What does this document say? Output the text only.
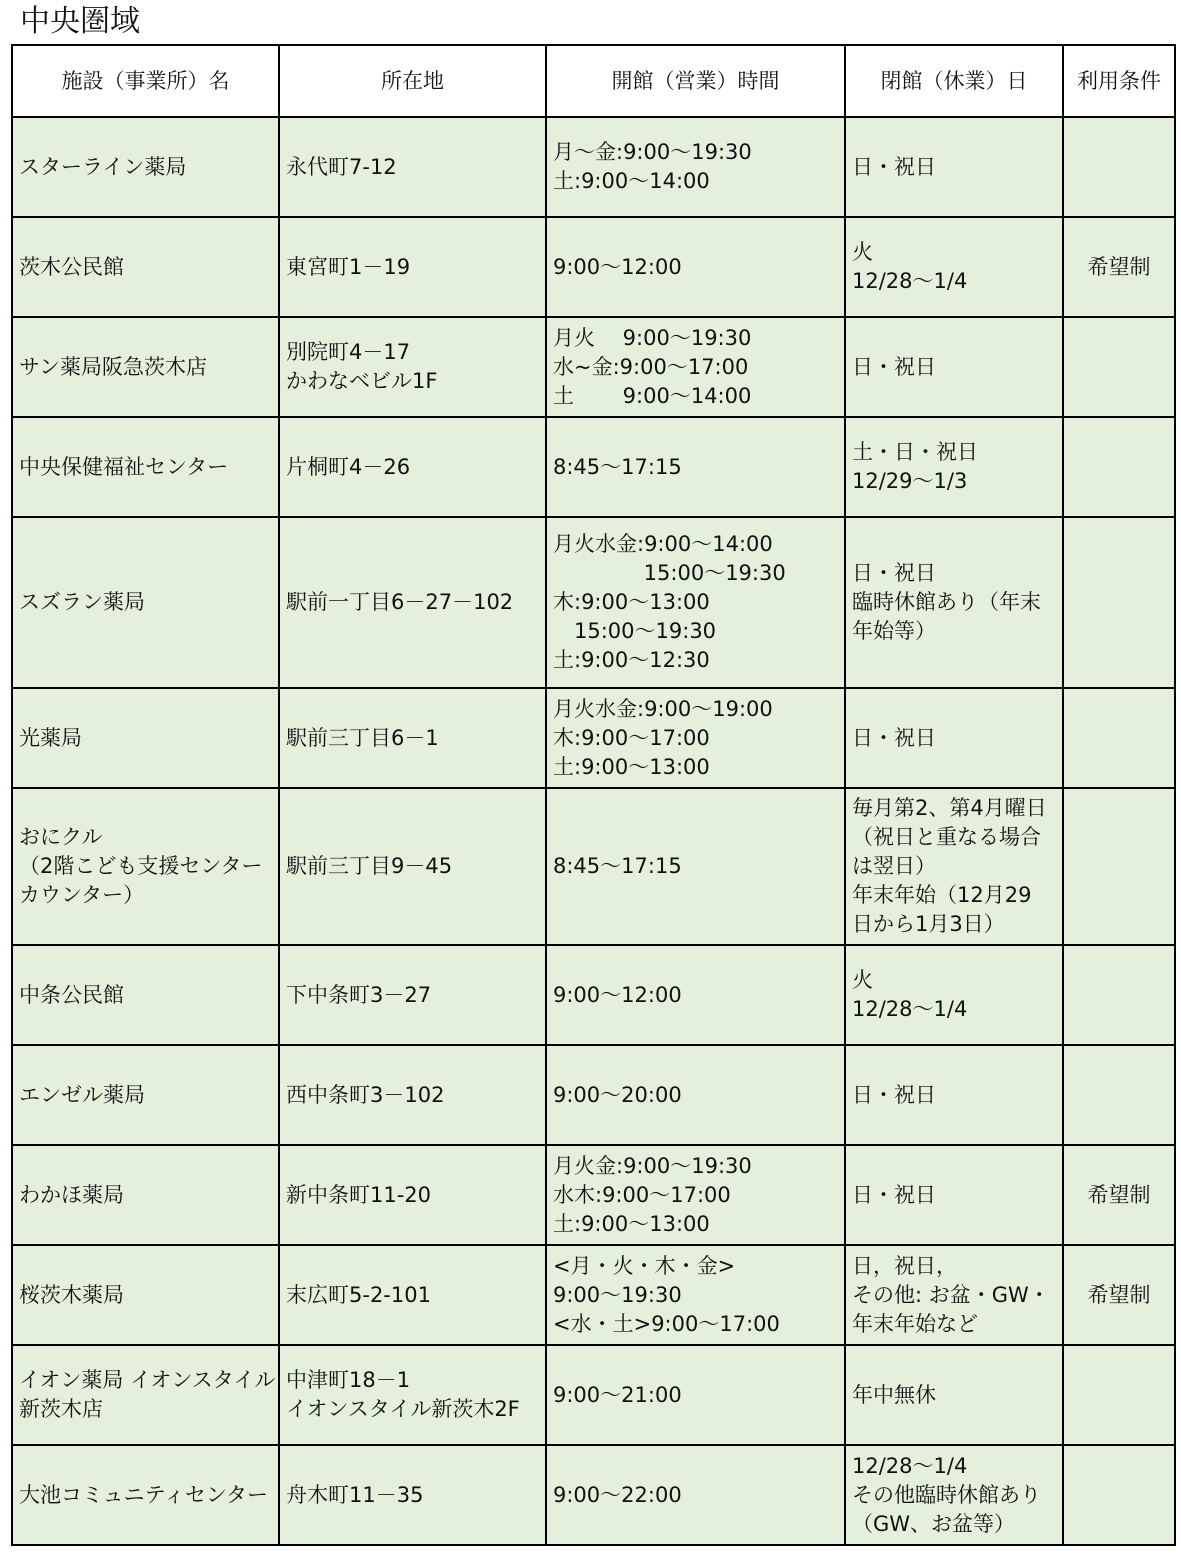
中央圏域
施設（事業所）名	所在地	開館（営業）時間	閉館（休業）日	利用条件

スターライン薬局	永代町7-12	月～金:9:00～19:30
土:9:00～14:00	日・祝日	

茨木公民館	東宮町1－19	9:00～12:00	火
12/28～1/4	希望制

サン薬局阪急茨木店	別院町4－17
かわなベビル1F	月火　 9:00～19:30
水~金:9:00～17:00
土　　 9:00～14:00	日・祝日	

中央保健福祉センター	片桐町4－26	8:45～17:15	土・日・祝日
12/29～1/3	

スズラン薬局	駅前一丁目6－27－102	月火水金:9:00～14:00
　　　　 15:00～19:30
木:9:00～13:00
　15:00～19:30
土:9:00～12:30	日・祝日
臨時休館あり（年末
年始等）	

光薬局	駅前三丁目6－1	月火水金:9:00～19:00
木:9:00～17:00
土:9:00～13:00	日・祝日	

おにクル
（2階こども支援センター
カウンター）	駅前三丁目9－45	8:45～17:15	毎月第2、第4月曜日
（祝日と重なる場合
は翌日）
年末年始（12月29
日から1月3日）	

中条公民館	下中条町3－27	9:00～12:00	火
12/28～1/4	

エンゼル薬局	西中条町3－102	9:00～20:00	日・祝日	

わかほ薬局	新中条町11-20	月火金:9:00～19:30
水木:9:00～17:00
土:9:00～13:00	日・祝日	希望制

桜茨木薬局	末広町5-2-101	<月・火・木・金>
9:00～19:30
<水・土>9:00～17:00	日，祝日，
その他: お盆・GW・
年末年始など	希望制

イオン薬局 イオンスタイル
新茨木店	中津町18－1
イオンスタイル新茨木2F	9:00～21:00	年中無休	

大池コミュニティセンター	舟木町11－35	9:00～22:00	12/28～1/4
その他臨時休館あり
（GW、お盆等）	
